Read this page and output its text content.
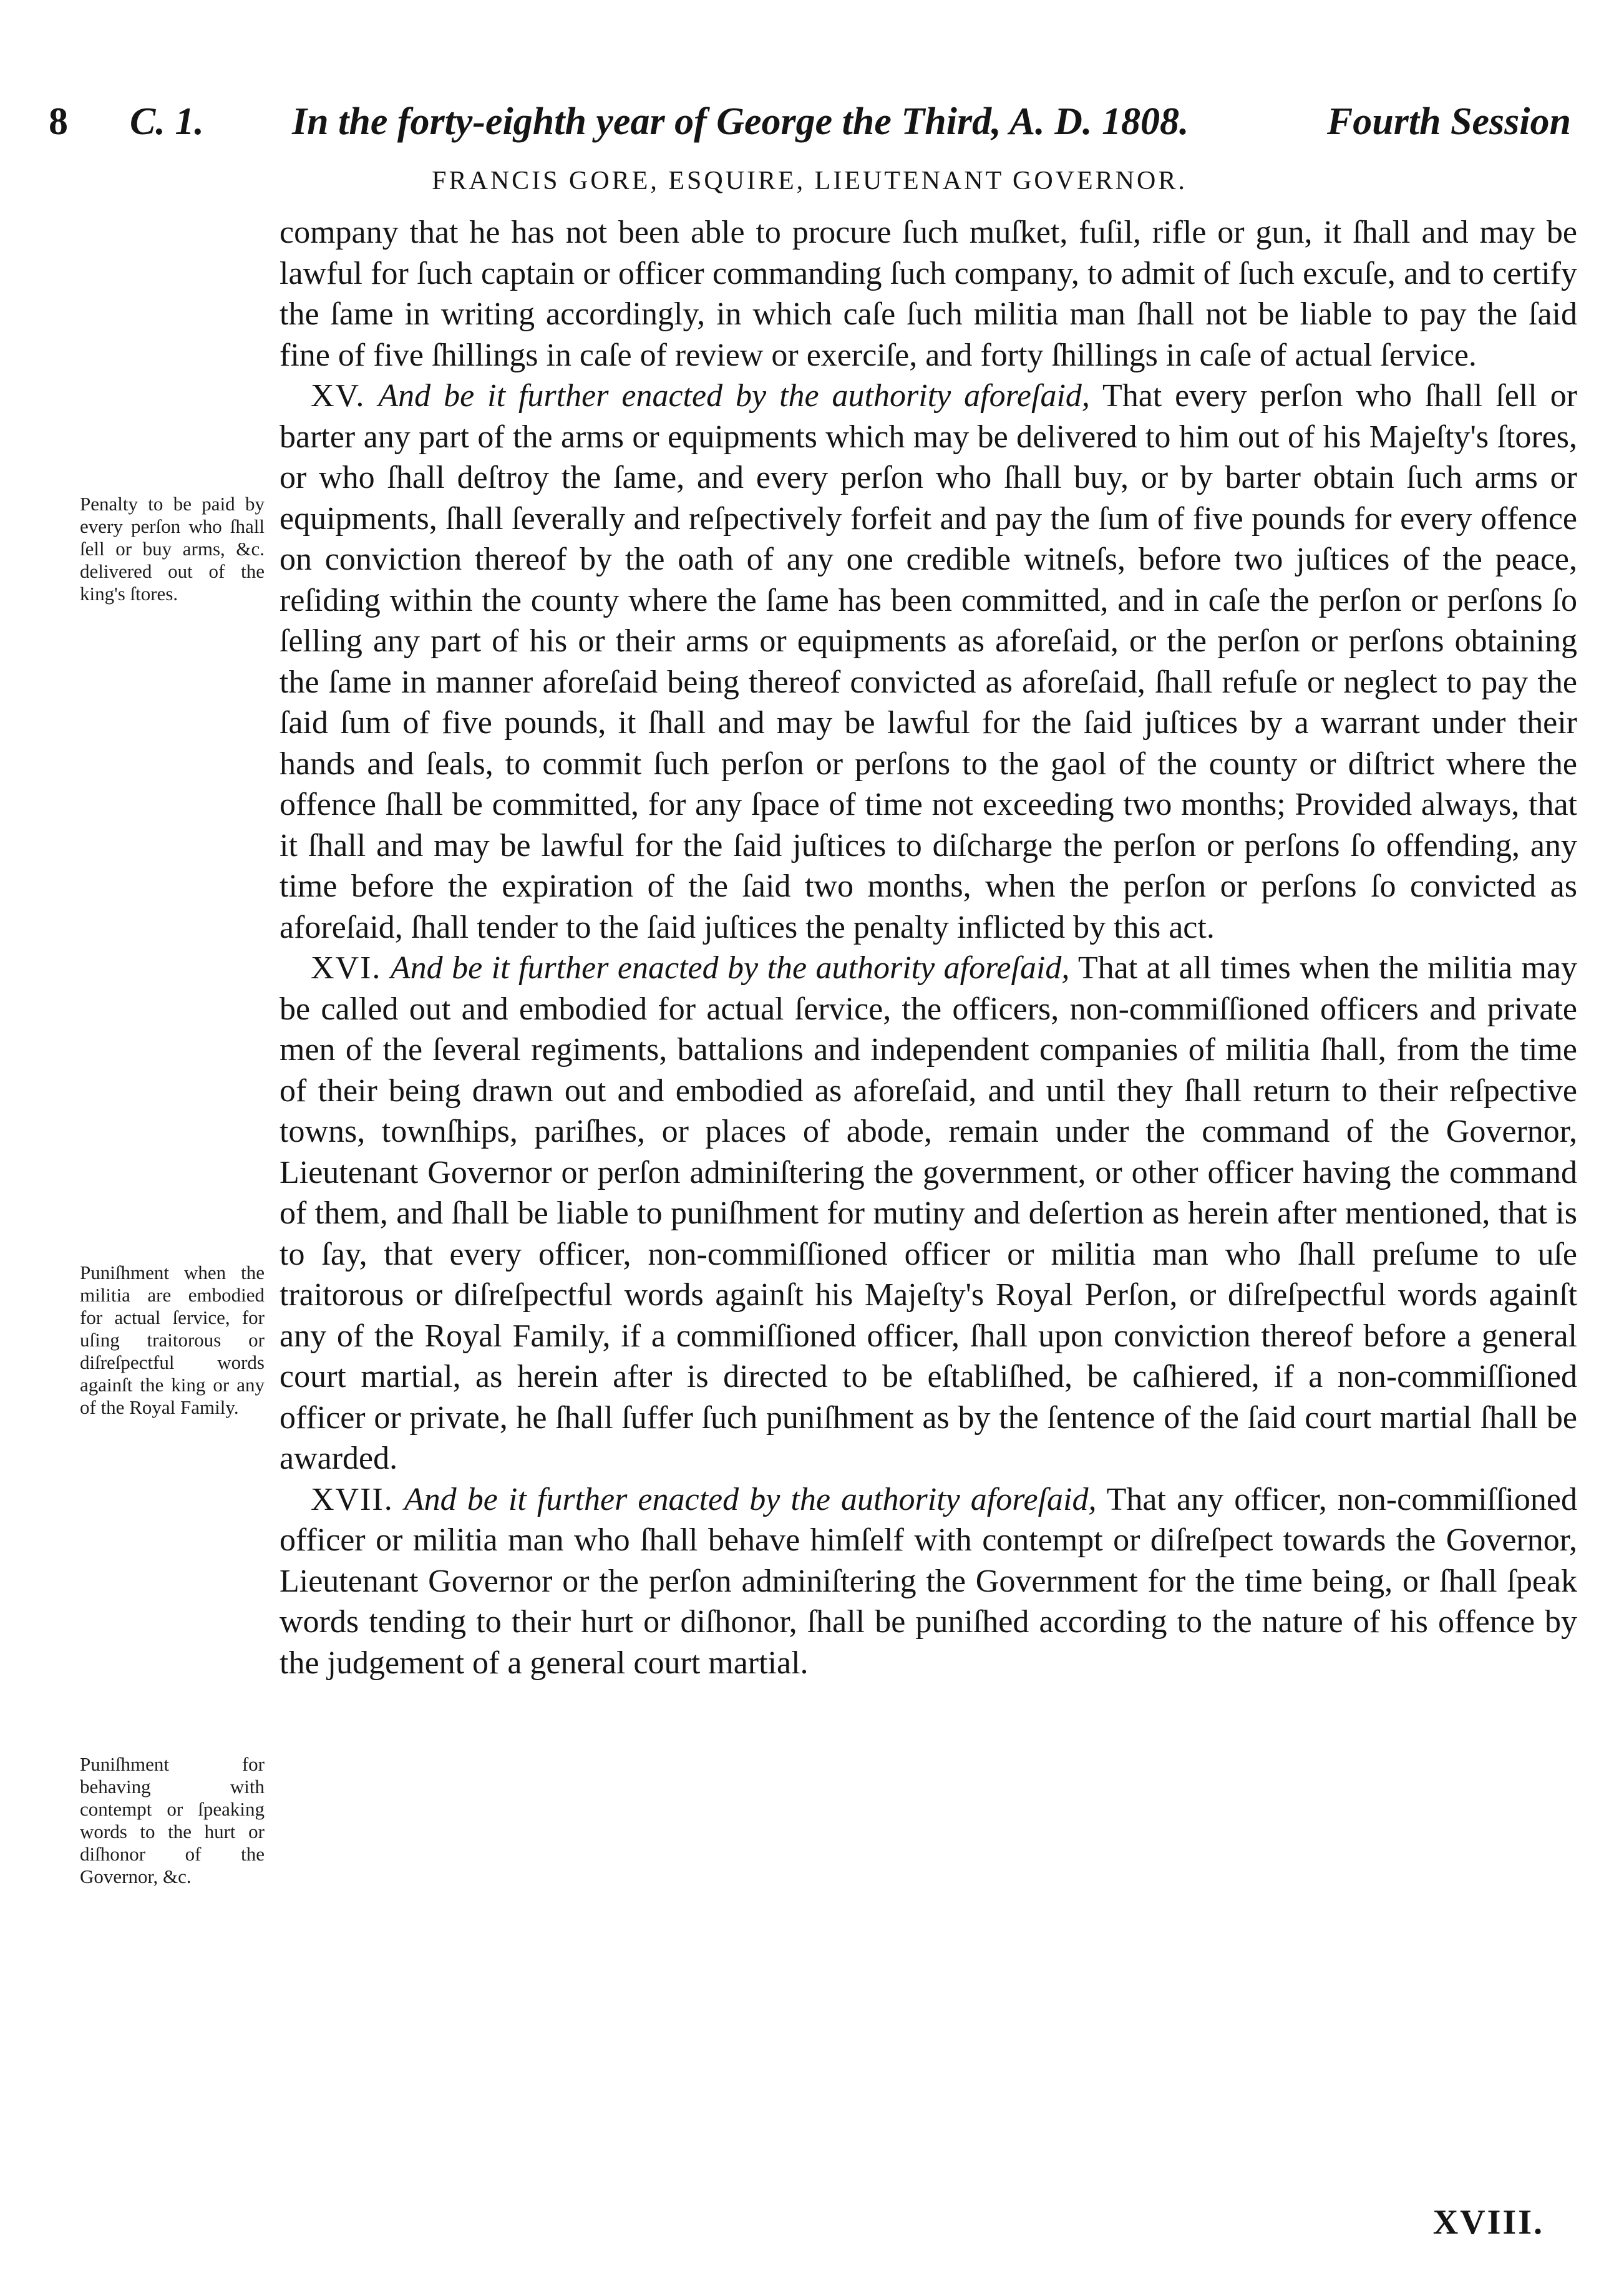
8 C. 1. In the forty-eighth year of George the Third, A. D. 1808.	Fourth Session
FRANCIS GORE, ESQUIRE, LIEUTENANT GOVERNOR.

company that he has not been able to procure ſuch muſket, fuſil, rifle or gun, it ſhall and may be lawful for ſuch captain or officer commanding ſuch company, to admit of ſuch excuſe, and to certify the ſame in writing accordingly, in which caſe ſuch militia man ſhall not be liable to pay the ſaid fine of five ſhillings in caſe of review or exerciſe, and forty ſhillings in caſe of actual ſervice.

XV. And be it further enacted by the authority aforeſaid, That every perſon who ſhall ſell or barter any part of the arms or equipments which may be delivered to him out of his Majeſty's ſtores, or who ſhall deſtroy the ſame, and every perſon who ſhall buy, or by barter obtain ſuch arms or equipments, ſhall ſeverally and reſpectively forfeit and pay the ſum of five pounds for every offence on conviction thereof by the oath of any one credible witneſs, before two juſtices of the peace, reſiding within the county where the ſame has been committed, and in caſe the perſon or perſons ſo ſelling any part of his or their arms or equipments as aforeſaid, or the perſon or perſons obtaining the ſame in manner aforeſaid being thereof convicted as aforeſaid, ſhall refuſe or neglect to pay the ſaid ſum of five pounds, it ſhall and may be lawful for the ſaid juſtices by a warrant under their hands and ſeals, to commit ſuch perſon or perſons to the gaol of the county or diſtrict where the offence ſhall be committed, for any ſpace of time not exceeding two months; Provided always, that it ſhall and may be lawful for the ſaid juſtices to diſcharge the perſon or perſons ſo offending, any time before the expiration of the ſaid two months, when the perſon or perſons ſo convicted as aforeſaid, ſhall tender to the ſaid juſtices the penalty inflicted by this act.

XVI. And be it further enacted by the authority aforeſaid, That at all times when the militia may be called out and embodied for actual ſervice, the officers, non-commiſſioned officers and private men of the ſeveral regiments, battalions and independent companies of militia ſhall, from the time of their being drawn out and embodied as aforeſaid, and until they ſhall return to their reſpective towns, townſhips, pariſhes, or places of abode, remain under the command of the Governor, Lieutenant Governor or perſon adminiſtering the government, or other officer having the command of them, and ſhall be liable to puniſhment for mutiny and deſertion as herein after mentioned, that is to ſay, that every officer, non-commiſſioned officer or militia man who ſhall preſume to uſe traitorous or diſreſpectful words againſt his Majeſty's Royal Perſon, or diſreſpectful words againſt any of the Royal Family, if a commiſſioned officer, ſhall upon conviction thereof before a general court martial, as herein after is directed to be eſtabliſhed, be caſhiered, if a non-commiſſioned officer or private, he ſhall ſuffer ſuch puniſhment as by the ſentence of the ſaid court martial ſhall be awarded.

XVII. And be it further enacted by the authority aforeſaid, That any officer, non-commiſſioned officer or militia man who ſhall behave himſelf with contempt or diſreſpect towards the Governor, Lieutenant Governor or the perſon adminiſtering the Government for the time being, or ſhall ſpeak words tending to their hurt or diſhonor, ſhall be puniſhed according to the nature of his offence by the judgement of a general court martial.

Penalty to be paid by every perſon who ſhall ſell or buy arms, &c. delivered out of the king's ſtores.
Puniſhment when the militia are embodied for actual ſervice, for uſing traitorous or diſreſpectful words againſt the king or any of the Royal Family.
Puniſhment for behaving with contempt or ſpeaking words to the hurt or diſhonor of the Governor, &c.
XVIII.
